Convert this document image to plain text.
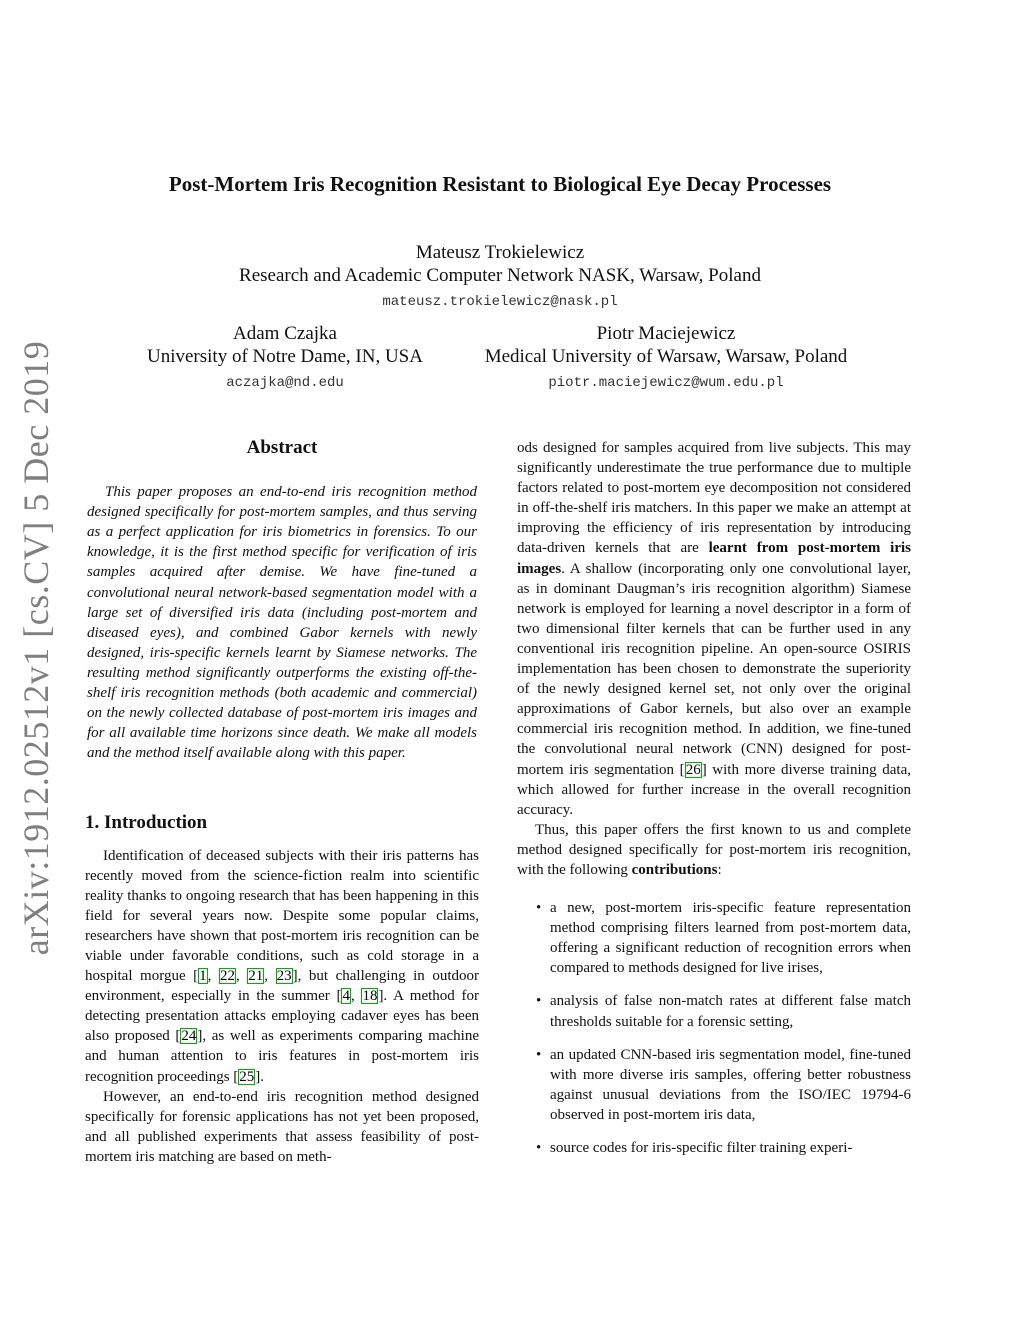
arXiv:1912.02512v1 [cs.CV] 5 Dec 2019
Post-Mortem Iris Recognition Resistant to Biological Eye Decay Processes
Mateusz Trokielewicz
Research and Academic Computer Network NASK, Warsaw, Poland
mateusz.trokielewicz@nask.pl
Adam Czajka
University of Notre Dame, IN, USA
aczajka@nd.edu
Piotr Maciejewicz
Medical University of Warsaw, Warsaw, Poland
piotr.maciejewicz@wum.edu.pl
Abstract

This paper proposes an end-to-end iris recognition method designed specifically for post-mortem samples, and thus serving as a perfect application for iris biometrics in forensics. To our knowledge, it is the first method specific for verification of iris samples acquired after demise. We have fine-tuned a convolutional neural network-based segmentation model with a large set of diversified iris data (including post-mortem and diseased eyes), and combined Gabor kernels with newly designed, iris-specific kernels learnt by Siamese networks. The resulting method significantly outperforms the existing off-the-shelf iris recognition methods (both academic and commercial) on the newly collected database of post-mortem iris images and for all available time horizons since death. We make all models and the method itself available along with this paper.

1. Introduction

Identification of deceased subjects with their iris patterns has recently moved from the science-fiction realm into scientific reality thanks to ongoing research that has been happening in this field for several years now. Despite some popular claims, researchers have shown that post-mortem iris recognition can be viable under favorable conditions, such as cold storage in a hospital morgue [1, 22, 21, 23], but challenging in outdoor environment, especially in the summer [4, 18]. A method for detecting presentation attacks employing cadaver eyes has been also proposed [24], as well as experiments comparing machine and human attention to iris features in post-mortem iris recognition proceedings [25].

However, an end-to-end iris recognition method designed specifically for forensic applications has not yet been proposed, and all published experiments that assess feasibility of post-mortem iris matching are based on meth-

ods designed for samples acquired from live subjects. This may significantly underestimate the true performance due to multiple factors related to post-mortem eye decomposition not considered in off-the-shelf iris matchers. In this paper we make an attempt at improving the efficiency of iris representation by introducing data-driven kernels that are learnt from post-mortem iris images. A shallow (incorporating only one convolutional layer, as in dominant Daugman’s iris recognition algorithm) Siamese network is employed for learning a novel descriptor in a form of two dimensional filter kernels that can be further used in any conventional iris recognition pipeline. An open-source OSIRIS implementation has been chosen to demonstrate the superiority of the newly designed kernel set, not only over the original approximations of Gabor kernels, but also over an example commercial iris recognition method. In addition, we fine-tuned the convolutional neural network (CNN) designed for post-mortem iris segmentation [26] with more diverse training data, which allowed for further increase in the overall recognition accuracy.

Thus, this paper offers the first known to us and complete method designed specifically for post-mortem iris recognition, with the following contributions:

• a new, post-mortem iris-specific feature representation method comprising filters learned from post-mortem data, offering a significant reduction of recognition errors when compared to methods designed for live irises,
• analysis of false non-match rates at different false match thresholds suitable for a forensic setting,
• an updated CNN-based iris segmentation model, fine-tuned with more diverse iris samples, offering better robustness against unusual deviations from the ISO/IEC 19794-6 observed in post-mortem iris data,
• source codes for iris-specific filter training experi-
